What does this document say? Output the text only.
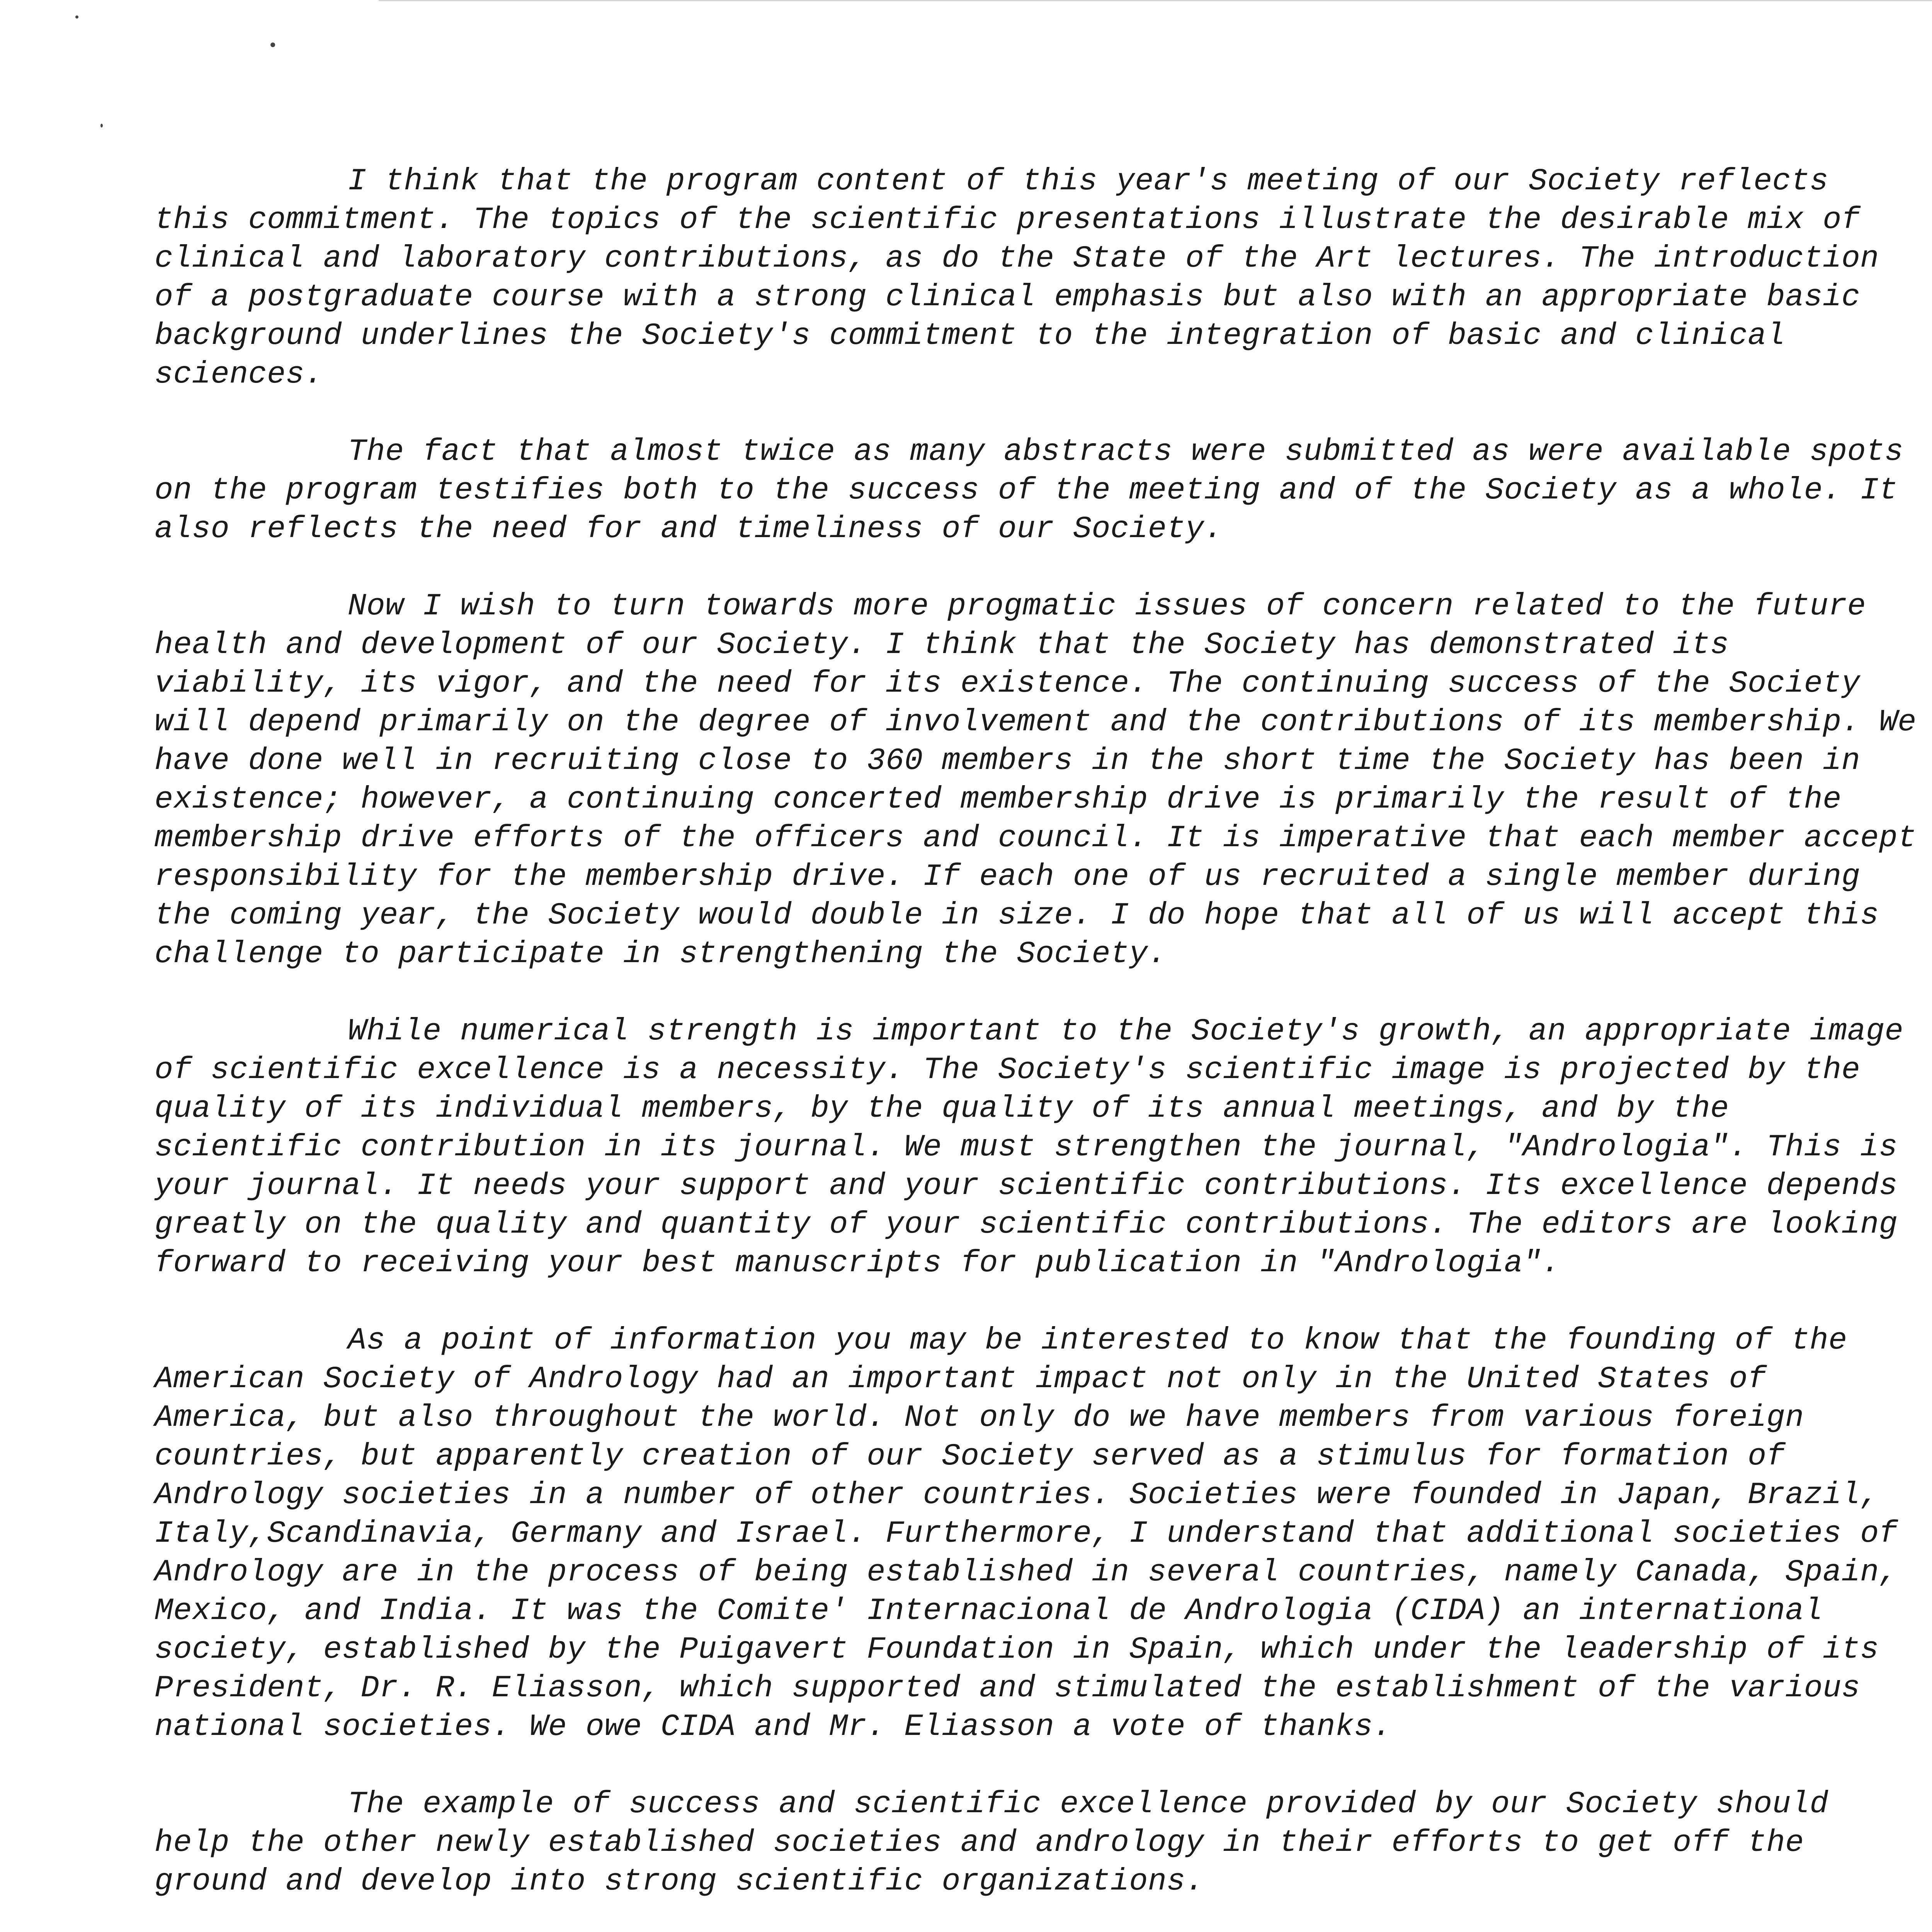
I think that the program content of this year's meeting of our Society reflects this commitment. The topics of the scientific presentations illustrate the desirable mix of clinical and laboratory contributions, as do the State of the Art lectures. The introduction of a postgraduate course with a strong clinical emphasis but also with an appropriate basic background underlines the Society's commitment to the integration of basic and clinical sciences.

The fact that almost twice as many abstracts were submitted as were available spots on the program testifies both to the success of the meeting and of the Society as a whole. It also reflects the need for and timeliness of our Society.

Now I wish to turn towards more progmatic issues of concern related to the future health and development of our Society. I think that the Society has demonstrated its viability, its vigor, and the need for its existence. The continuing success of the Society will depend primarily on the degree of involvement and the contributions of its membership. We have done well in recruiting close to 360 members in the short time the Society has been in existence; however, a continuing concerted membership drive is primarily the result of the membership drive efforts of the officers and council. It is imperative that each member accept responsibility for the membership drive. If each one of us recruited a single member during the coming year, the Society would double in size. I do hope that all of us will accept this challenge to participate in strengthening the Society.

While numerical strength is important to the Society's growth, an appropriate image of scientific excellence is a necessity. The Society's scientific image is projected by the quality of its individual members, by the quality of its annual meetings, and by the scientific contribution in its journal. We must strengthen the journal, "Andrologia". This is your journal. It needs your support and your scientific contributions. Its excellence depends greatly on the quality and quantity of your scientific contributions. The editors are looking forward to receiving your best manuscripts for publication in "Andrologia".

As a point of information you may be interested to know that the founding of the American Society of Andrology had an important impact not only in the United States of America, but also throughout the world. Not only do we have members from various foreign countries, but apparently creation of our Society served as a stimulus for formation of Andrology societies in a number of other countries. Societies were founded in Japan, Brazil, Italy,Scandinavia, Germany and Israel. Furthermore, I understand that additional societies of Andrology are in the process of being established in several countries, namely Canada, Spain, Mexico, and India. It was the Comite' Internacional de Andrologia (CIDA) an international society, established by the Puigavert Foundation in Spain, which under the leadership of its President, Dr. R. Eliasson, which supported and stimulated the establishment of the various national societies. We owe CIDA and Mr. Eliasson a vote of thanks.

The example of success and scientific excellence provided by our Society should help the other newly established societies and andrology in their efforts to get off the ground and develop into strong scientific organizations.
